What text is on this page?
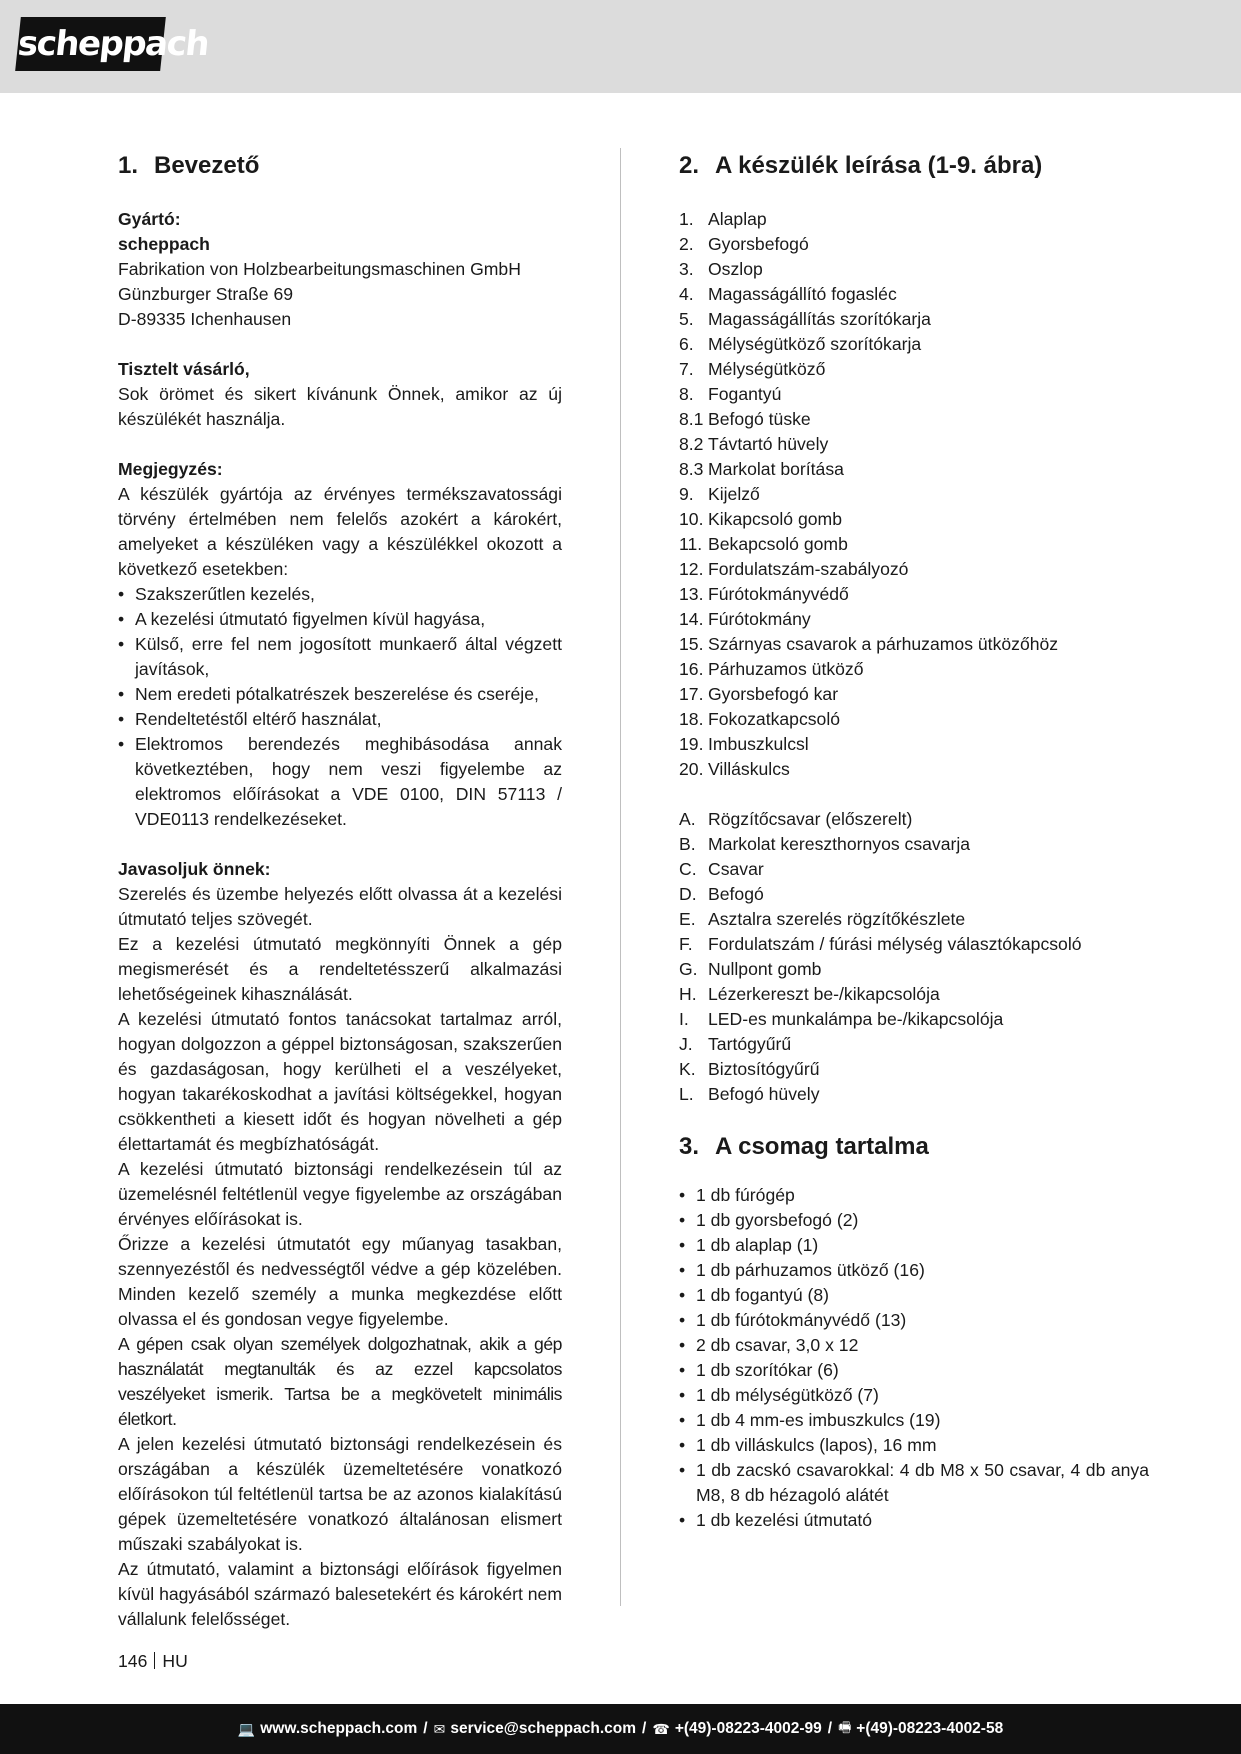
scheppach
1. Bevezető

Gyártó:

scheppach

Fabrikation von Holzbearbeitungsmaschinen GmbH

Günzburger Straße 69

D-89335 Ichenhausen

Tisztelt vásárló,

Sok örömet és sikert kívánunk Önnek, amikor az új készülékét használja.

Megjegyzés:

A készülék gyártója az érvényes termékszavatossági törvény értelmében nem felelős azokért a károkért, amelyeket a készüléken vagy a készülékkel okozott a következő esetekben:

• Szakszerűtlen kezelés,
• A kezelési útmutató figyelmen kívül hagyása,
• Külső, erre fel nem jogosított munkaerő által végzett javítások,
• Nem eredeti pótalkatrészek beszerelése és cseréje,
• Rendeltetéstől eltérő használat,
• Elektromos berendezés meghibásodása annak következtében, hogy nem veszi figyelembe az elektromos előírásokat a VDE 0100, DIN 57113 / VDE0113 rendelkezéseket.

Javasoljuk önnek:

Szerelés és üzembe helyezés előtt olvassa át a kezelési útmutató teljes szövegét.

Ez a kezelési útmutató megkönnyíti Önnek a gép megismerését és a rendeltetésszerű alkalmazási lehetőségeinek kihasználását.

A kezelési útmutató fontos tanácsokat tartalmaz arról, hogyan dolgozzon a géppel biztonságosan, szakszerűen és gazdaságosan, hogy kerülheti el a veszélyeket, hogyan takarékoskodhat a javítási költségekkel, hogyan csökkentheti a kiesett időt és hogyan növelheti a gép élettartamát és megbízhatóságát.

A kezelési útmutató biztonsági rendelkezésein túl az üzemelésnél feltétlenül vegye figyelembe az országában érvényes előírásokat is.

Őrizze a kezelési útmutatót egy műanyag tasakban, szennyezéstől és nedvességtől védve a gép közelében. Minden kezelő személy a munka megkezdése előtt olvassa el és gondosan vegye figyelembe.

A gépen csak olyan személyek dolgozhatnak, akik a gép használatát megtanulták és az ezzel kapcsolatos veszélyeket ismerik. Tartsa be a megkövetelt minimális életkort.

A jelen kezelési útmutató biztonsági rendelkezésein és országában a készülék üzemeltetésére vonatkozó előírásokon túl feltétlenül tartsa be az azonos kialakítású gépek üzemeltetésére vonatkozó általánosan elismert műszaki szabályokat is.

Az útmutató, valamint a biztonsági előírások figyelmen kívül hagyásából származó balesetekért és károkért nem vállalunk felelősséget.

2. A készülék leírása (1-9. ábra)
1. Alaplap
2. Gyorsbefogó
3. Oszlop
4. Magasságállító fogasléc
5. Magasságállítás szorítókarja
6. Mélységütköző szorítókarja
7. Mélységütköző
8. Fogantyú
8.1 Befogó tüske
8.2 Távtartó hüvely
8.3 Markolat borítása
9. Kijelző
10. Kikapcsoló gomb
11. Bekapcsoló gomb
12. Fordulatszám-szabályozó
13. Fúrótokmányvédő
14. Fúrótokmány
15. Szárnyas csavarok a párhuzamos ütközőhöz
16. Párhuzamos ütköző
17. Gyorsbefogó kar
18. Fokozatkapcsoló
19. Imbuszkulcsl
20. Villáskulcs
A. Rögzítőcsavar (előszerelt)
B. Markolat kereszthornyos csavarja
C. Csavar
D. Befogó
E. Asztalra szerelés rögzítőkészlete
F. Fordulatszám / fúrási mélység választókapcsoló
G. Nullpont gomb
H. Lézerkereszt be-/kikapcsolója
I.	LED-es munkalámpa be-/kikapcsolója
J. Tartógyűrű
K. Biztosítógyűrű
L. Befogó hüvely
3. A csomag tartalma
• 1 db fúrógép
• 1 db gyorsbefogó (2)
• 1 db alaplap (1)
• 1 db párhuzamos ütköző (16)
• 1 db fogantyú (8)
• 1 db fúrótokmányvédő (13)
• 2 db csavar, 3,0 x 12
• 1 db szorítókar (6)
• 1 db mélységütköző (7)
• 1 db 4 mm-es imbuszkulcs (19)
• 1 db villáskulcs (lapos), 16 mm
• 1 db zacskó csavarokkal: 4 db M8 x 50 csavar, 4 db anya M8, 8 db hézagoló alátét
• 1 db kezelési útmutató
146 HU
💻 www.scheppach.com / ✉ service@scheppach.com / ☎ +(49)-08223-4002-99 / 🖷 +(49)-08223-4002-58
